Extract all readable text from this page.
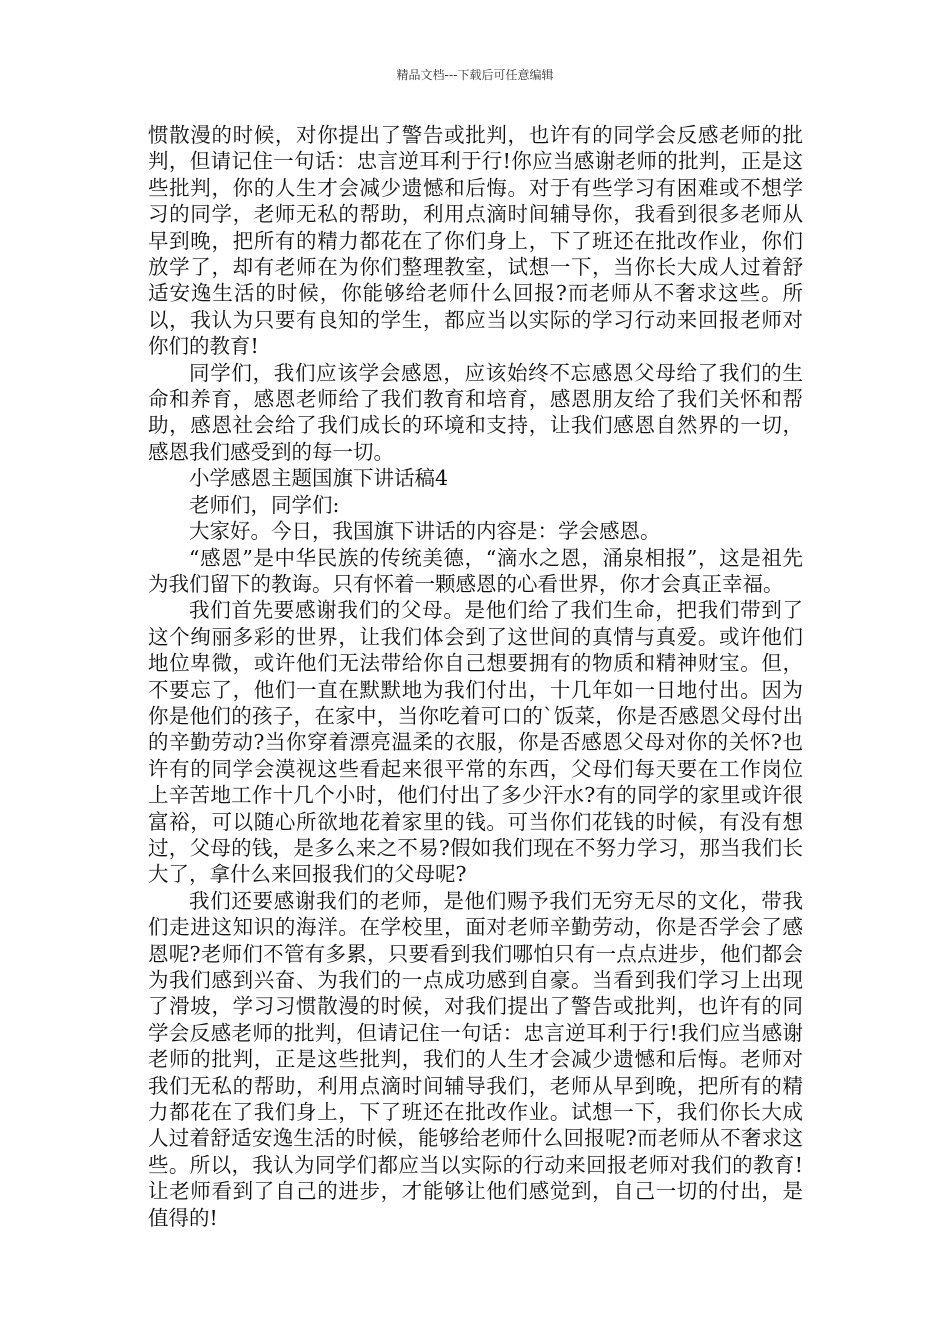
精品文档---下载后可任意编辑

惯散漫的时候，对你提出了警告或批判，也许有的同学会反感老师的批判，但请记住一句话：忠言逆耳利于行!你应当感谢老师的批判，正是这些批判，你的人生才会减少遗憾和后悔。对于有些学习有困难或不想学习的同学，老师无私的帮助，利用点滴时间辅导你，我看到很多老师从早到晚，把所有的精力都花在了你们身上，下了班还在批改作业，你们放学了，却有老师在为你们整理教室，试想一下，当你长大成人过着舒适安逸生活的时候，你能够给老师什么回报?而老师从不奢求这些。所以，我认为只要有良知的学生，都应当以实际的学习行动来回报老师对你们的教育!

同学们，我们应该学会感恩，应该始终不忘感恩父母给了我们的生命和养育，感恩老师给了我们教育和培育，感恩朋友给了我们关怀和帮助，感恩社会给了我们成长的环境和支持，让我们感恩自然界的一切，感恩我们感受到的每一切。

小学感恩主题国旗下讲话稿4

老师们，同学们:

大家好。今日，我国旗下讲话的内容是：学会感恩。

“感恩”是中华民族的传统美德，“滴水之恩，涌泉相报”，这是祖先为我们留下的教诲。只有怀着一颗感恩的心看世界，你才会真正幸福。

我们首先要感谢我们的父母。是他们给了我们生命，把我们带到了这个绚丽多彩的世界，让我们体会到了这世间的真情与真爱。或许他们地位卑微，或许他们无法带给你自己想要拥有的物质和精神财宝。但，不要忘了，他们一直在默默地为我们付出，十几年如一日地付出。因为你是他们的孩子，在家中，当你吃着可口的`饭菜，你是否感恩父母付出的辛勤劳动?当你穿着漂亮温柔的衣服，你是否感恩父母对你的关怀?也许有的同学会漠视这些看起来很平常的东西，父母们每天要在工作岗位上辛苦地工作十几个小时，他们付出了多少汗水?有的同学的家里或许很富裕，可以随心所欲地花着家里的钱。可当你们花钱的时候，有没有想过，父母的钱，是多么来之不易?假如我们现在不努力学习，那当我们长大了，拿什么来回报我们的父母呢?

我们还要感谢我们的老师，是他们赐予我们无穷无尽的文化，带我们走进这知识的海洋。在学校里，面对老师辛勤劳动，你是否学会了感恩呢?老师们不管有多累，只要看到我们哪怕只有一点点进步，他们都会为我们感到兴奋、为我们的一点成功感到自豪。当看到我们学习上出现了滑坡，学习习惯散漫的时候，对我们提出了警告或批判，也许有的同学会反感老师的批判，但请记住一句话：忠言逆耳利于行!我们应当感谢老师的批判，正是这些批判，我们的人生才会减少遗憾和后悔。老师对我们无私的帮助，利用点滴时间辅导我们，老师从早到晚，把所有的精力都花在了我们身上，下了班还在批改作业。试想一下，我们你长大成人过着舒适安逸生活的时候，能够给老师什么回报呢?而老师从不奢求这些。所以，我认为同学们都应当以实际的行动来回报老师对我们的教育!让老师看到了自己的进步，才能够让他们感觉到，自己一切的付出，是值得的!
